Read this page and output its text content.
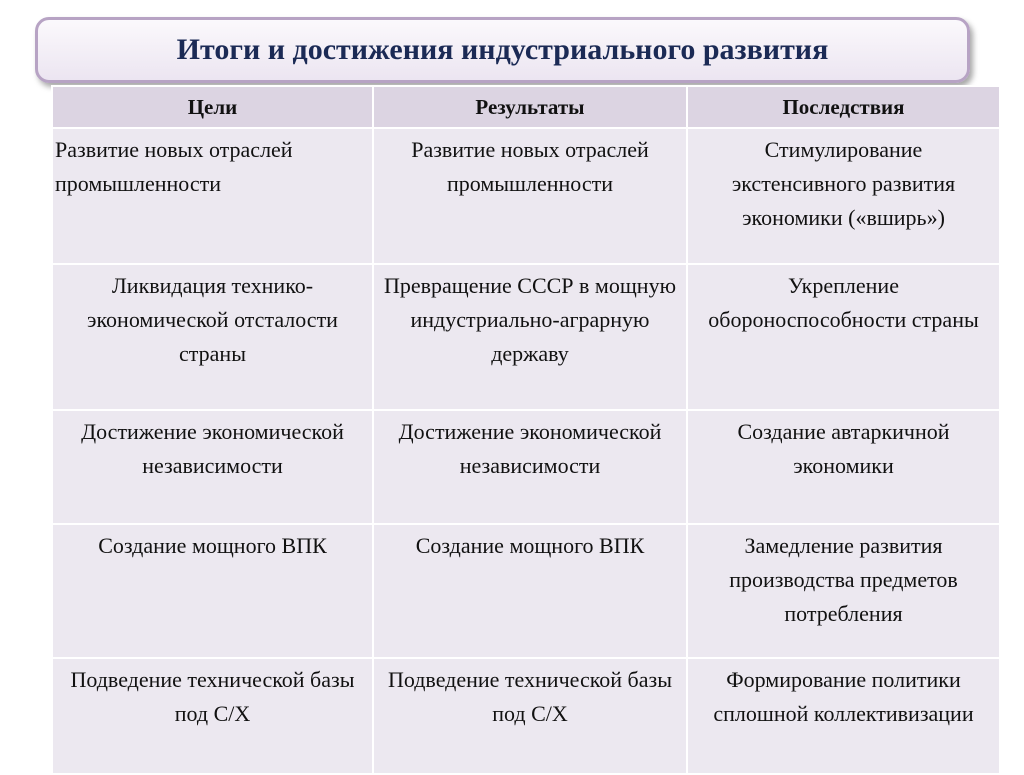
Итоги и достижения индустриального развития
Цели	Результаты	Последствия

Развитие новых отраслей промышленности	Развитие новых отраслей промышленности	Стимулирование экстенсивного развития экономики («вширь»)

Ликвидация технико-экономической отсталости страны	Превращение СССР в мощную индустриально-аграрную державу	Укрепление обороноспособности страны

Достижение экономической независимости	Достижение экономической независимости	Создание автаркичной экономики

Создание мощного ВПК	Создание мощного ВПК	Замедление развития производства предметов потребления

Подведение технической базы под С/Х	Подведение технической базы под С/Х	Формирование политики сплошной коллективизации
